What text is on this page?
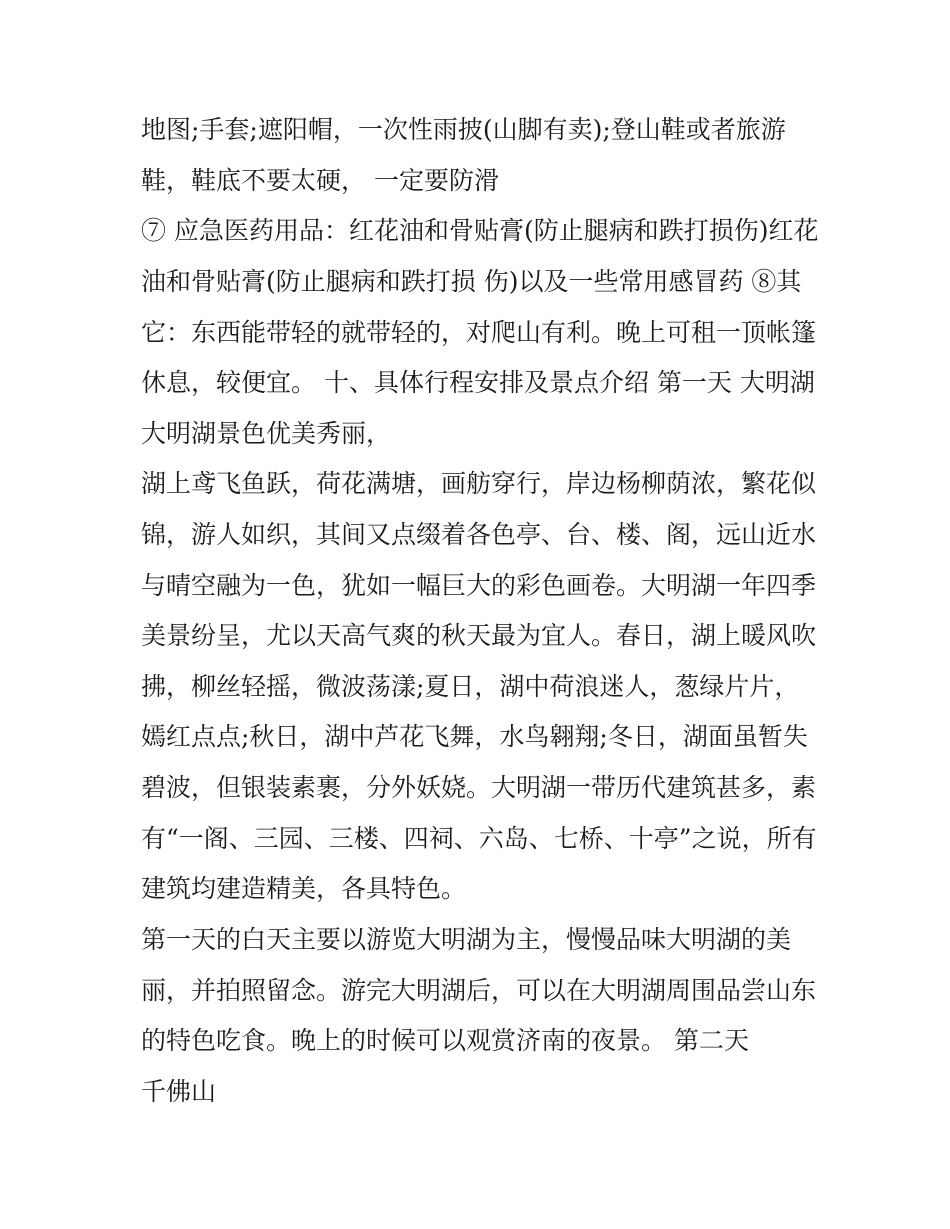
地图;手套;遮阳帽，一次性雨披(山脚有卖);登山鞋或者旅游

鞋，鞋底不要太硬， 一定要防滑

⑦ 应急医药用品：红花油和骨贴膏(防止腿病和跌打损伤)红花

油和骨贴膏(防止腿病和跌打损 伤)以及一些常用感冒药 ⑧其

它：东西能带轻的就带轻的，对爬山有利。晚上可租一顶帐篷

休息，较便宜。 十、具体行程安排及景点介绍 第一天 大明湖

大明湖景色优美秀丽，

湖上鸢飞鱼跃，荷花满塘，画舫穿行，岸边杨柳荫浓，繁花似

锦，游人如织，其间又点缀着各色亭、台、楼、阁，远山近水

与晴空融为一色，犹如一幅巨大的彩色画卷。大明湖一年四季

美景纷呈，尤以天高气爽的秋天最为宜人。春日，湖上暖风吹

拂，柳丝轻摇，微波荡漾;夏日，湖中荷浪迷人，葱绿片片，

嫣红点点;秋日，湖中芦花飞舞，水鸟翱翔;冬日，湖面虽暂失

碧波，但银装素裹，分外妖娆。大明湖一带历代建筑甚多，素

有“一阁、三园、三楼、四祠、六岛、七桥、十亭”之说，所有

建筑均建造精美，各具特色。

第一天的白天主要以游览大明湖为主，慢慢品味大明湖的美

丽，并拍照留念。游完大明湖后，可以在大明湖周围品尝山东

的特色吃食。晚上的时候可以观赏济南的夜景。 第二天

千佛山
